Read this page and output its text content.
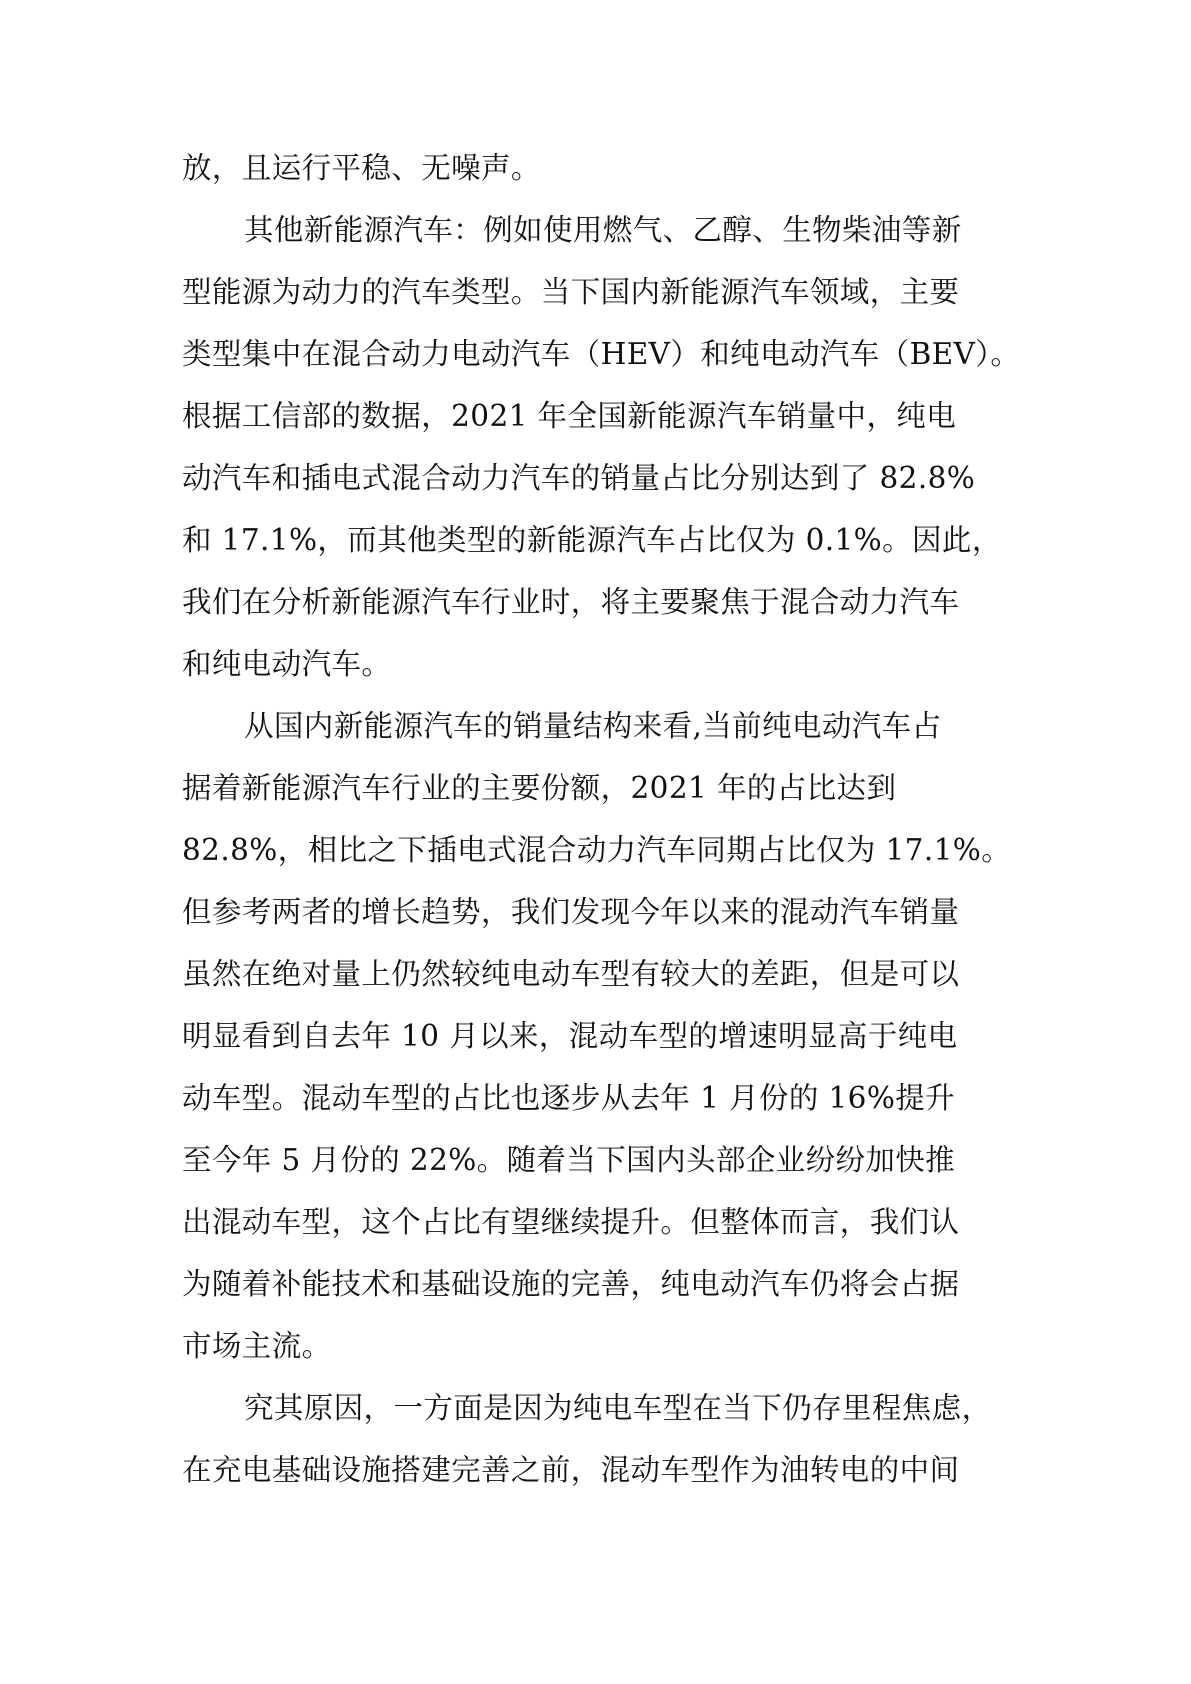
放，且运行平稳、无噪声。
其他新能源汽车：例如使用燃气、乙醇、生物柴油等新
型能源为动力的汽车类型。当下国内新能源汽车领域，主要
类型集中在混合动力电动汽车（HEV）和纯电动汽车（BEV）。
根据工信部的数据，2021 年全国新能源汽车销量中，纯电
动汽车和插电式混合动力汽车的销量占比分别达到了 82.8%
和 17.1%，而其他类型的新能源汽车占比仅为 0.1%。因此，
我们在分析新能源汽车行业时，将主要聚焦于混合动力汽车
和纯电动汽车。
从国内新能源汽车的销量结构来看,当前纯电动汽车占
据着新能源汽车行业的主要份额，2021 年的占比达到
82.8%，相比之下插电式混合动力汽车同期占比仅为 17.1%。
但参考两者的增长趋势，我们发现今年以来的混动汽车销量
虽然在绝对量上仍然较纯电动车型有较大的差距，但是可以
明显看到自去年 10 月以来，混动车型的增速明显高于纯电
动车型。混动车型的占比也逐步从去年 1 月份的 16%提升
至今年 5 月份的 22%。随着当下国内头部企业纷纷加快推
出混动车型，这个占比有望继续提升。但整体而言，我们认
为随着补能技术和基础设施的完善，纯电动汽车仍将会占据
市场主流。
究其原因，一方面是因为纯电车型在当下仍存里程焦虑，
在充电基础设施搭建完善之前，混动车型作为油转电的中间
